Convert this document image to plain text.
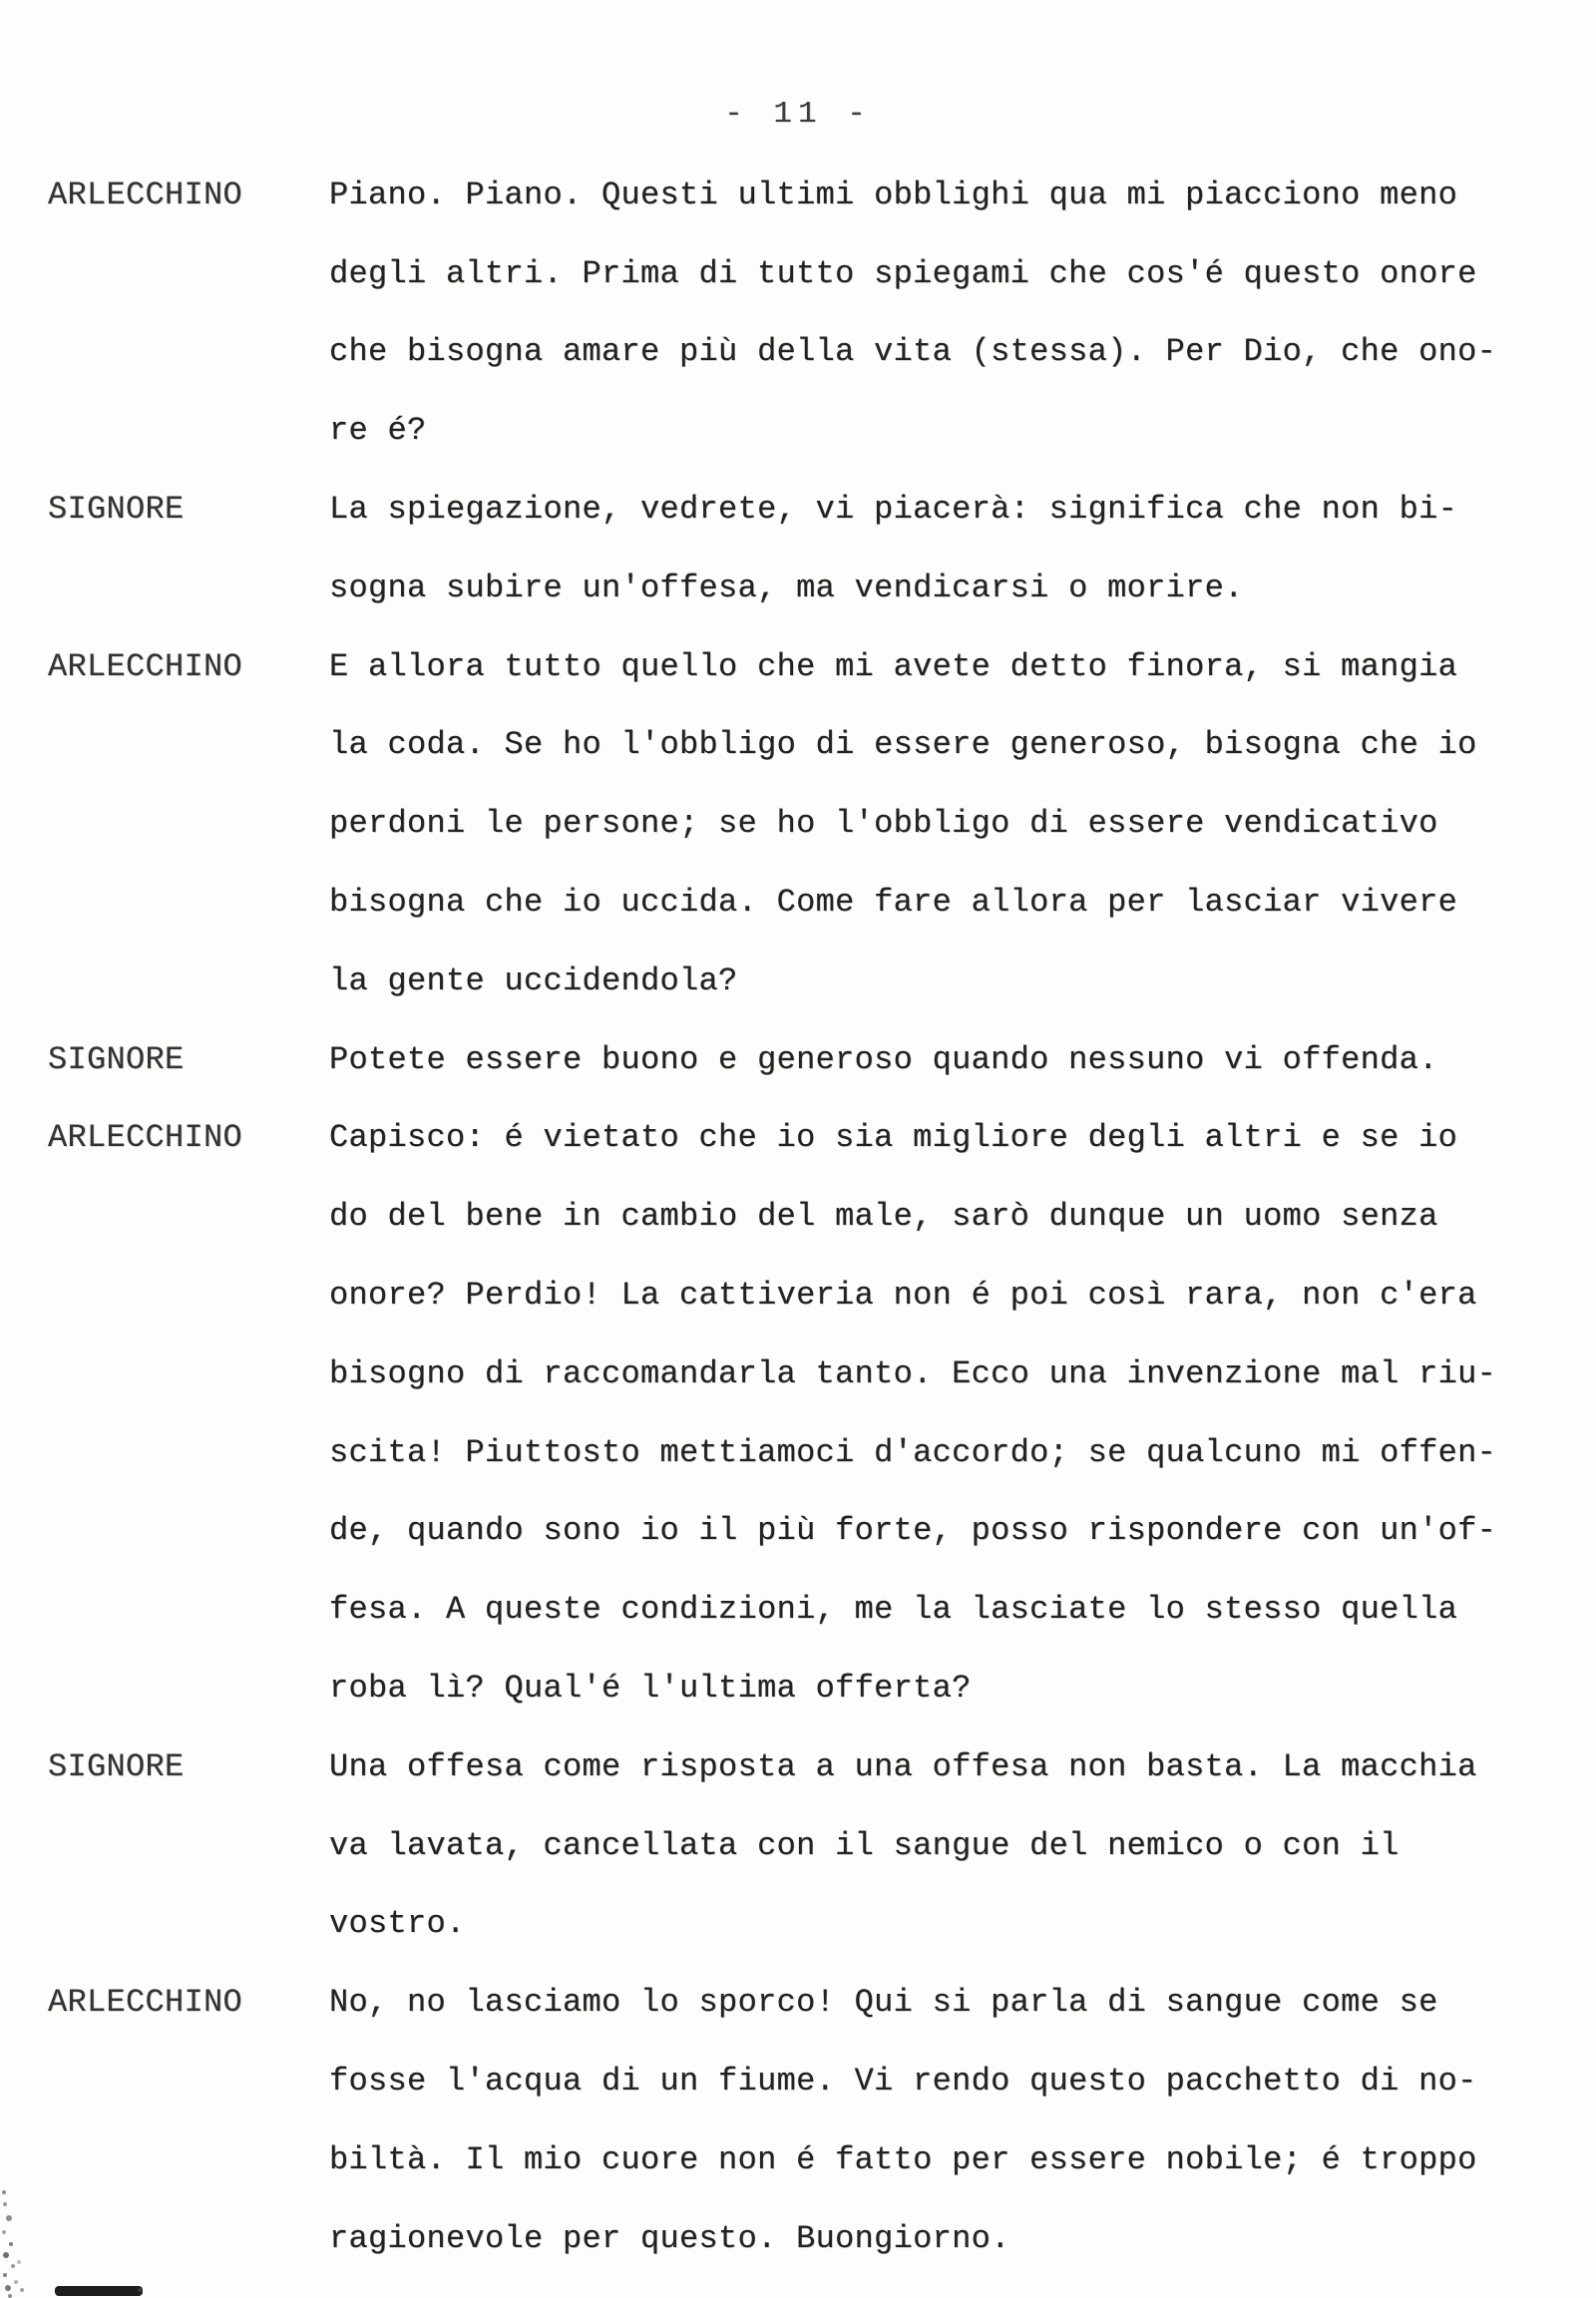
- 11 -
ARLECCHINO	Piano. Piano. Questi ultimi obblighi qua mi piacciono meno
degli altri. Prima di tutto spiegami che cos'é questo onore
che bisogna amare più della vita (stessa). Per Dio, che ono-
re é?
SIGNORE	La spiegazione, vedrete, vi piacerà: significa che non bi-
sogna subire un'offesa, ma vendicarsi o morire.
ARLECCHINO	E allora tutto quello che mi avete detto finora, si mangia
la coda. Se ho l'obbligo di essere generoso, bisogna che io
perdoni le persone; se ho l'obbligo di essere vendicativo
bisogna che io uccida. Come fare allora per lasciar vivere
la gente uccidendola?
SIGNORE	Potete essere buono e generoso quando nessuno vi offenda.
ARLECCHINO	Capisco: é vietato che io sia migliore degli altri e se io
do del bene in cambio del male, sarò dunque un uomo senza
onore? Perdio! La cattiveria non é poi così rara, non c'era
bisogno di raccomandarla tanto. Ecco una invenzione mal riu-
scita! Piuttosto mettiamoci d'accordo; se qualcuno mi offen-
de, quando sono io il più forte, posso rispondere con un'of-
fesa. A queste condizioni, me la lasciate lo stesso quella
roba lì? Qual'é l'ultima offerta?
SIGNORE	Una offesa come risposta a una offesa non basta. La macchia
va lavata, cancellata con il sangue del nemico o con il
vostro.
ARLECCHINO	No, no lasciamo lo sporco! Qui si parla di sangue come se
fosse l'acqua di un fiume. Vi rendo questo pacchetto di no-
biltà. Il mio cuore non é fatto per essere nobile; é troppo
ragionevole per questo. Buongiorno.
